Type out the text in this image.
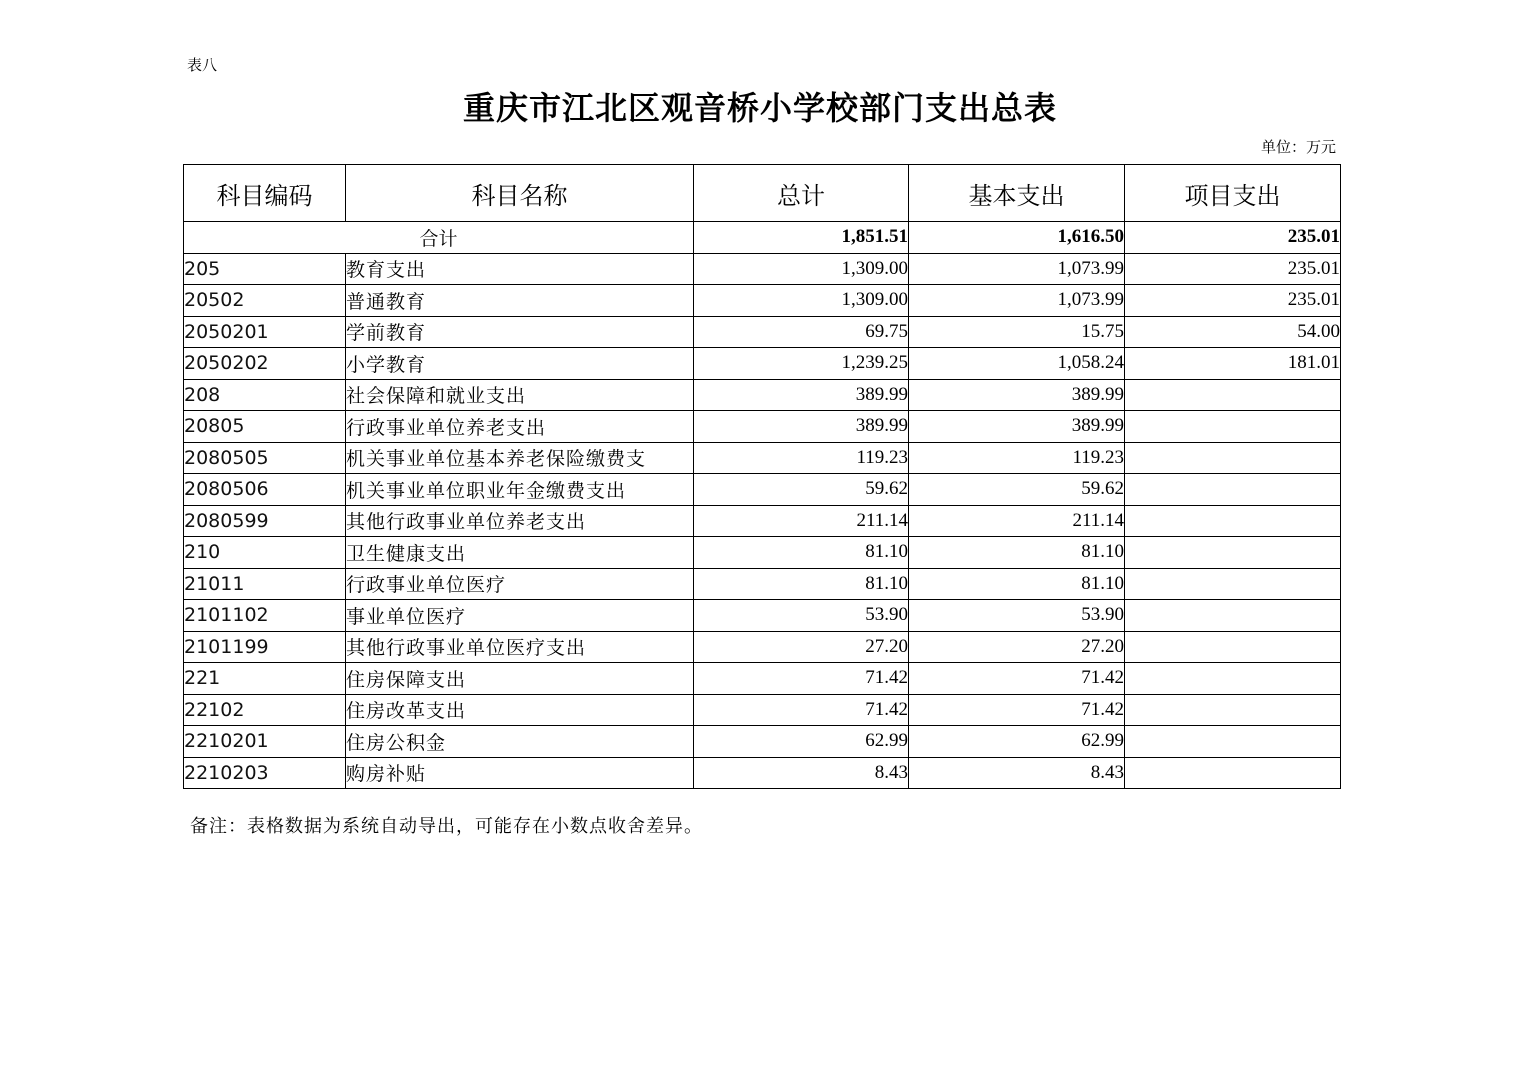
表八
重庆市江北区观音桥小学校部门支出总表
单位：万元
科目编码	科目名称	总计	基本支出	项目支出
合计		1,851.51	1,616.50	235.01
205	教育支出	1,309.00	1,073.99	235.01
20502	普通教育	1,309.00	1,073.99	235.01
2050201	学前教育	69.75	15.75	54.00
2050202	小学教育	1,239.25	1,058.24	181.01
208	社会保障和就业支出	389.99	389.99	
20805	行政事业单位养老支出	389.99	389.99	
2080505	机关事业单位基本养老保险缴费支	119.23	119.23	
2080506	机关事业单位职业年金缴费支出	59.62	59.62	
2080599	其他行政事业单位养老支出	211.14	211.14	
210	卫生健康支出	81.10	81.10	
21011	行政事业单位医疗	81.10	81.10	
2101102	事业单位医疗	53.90	53.90	
2101199	其他行政事业单位医疗支出	27.20	27.20	
221	住房保障支出	71.42	71.42	
22102	住房改革支出	71.42	71.42	
2210201	住房公积金	62.99	62.99	
2210203	购房补贴	8.43	8.43	
备注：表格数据为系统自动导出，可能存在小数点收舍差异。
